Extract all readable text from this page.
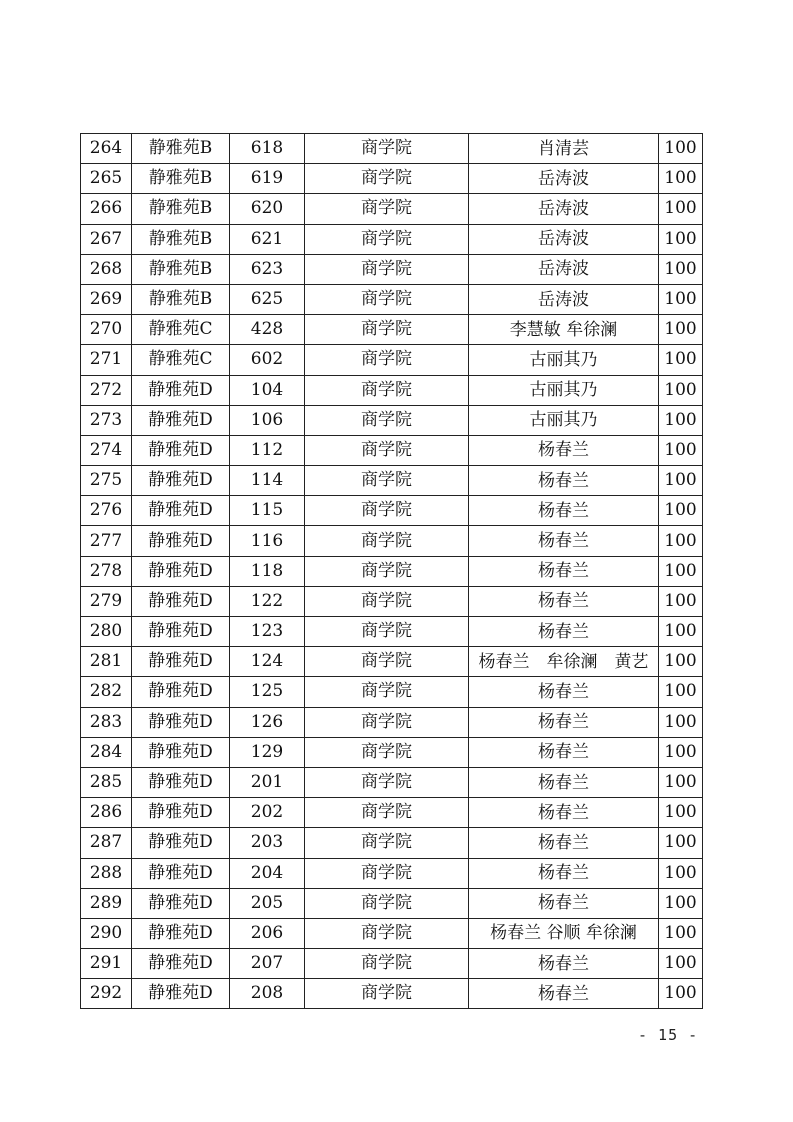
264	静雅苑B	618	商学院	肖清芸	100
265	静雅苑B	619	商学院	岳涛波	100
266	静雅苑B	620	商学院	岳涛波	100
267	静雅苑B	621	商学院	岳涛波	100
268	静雅苑B	623	商学院	岳涛波	100
269	静雅苑B	625	商学院	岳涛波	100
270	静雅苑C	428	商学院	李慧敏 牟徐澜	100
271	静雅苑C	602	商学院	古丽其乃	100
272	静雅苑D	104	商学院	古丽其乃	100
273	静雅苑D	106	商学院	古丽其乃	100
274	静雅苑D	112	商学院	杨春兰	100
275	静雅苑D	114	商学院	杨春兰	100
276	静雅苑D	115	商学院	杨春兰	100
277	静雅苑D	116	商学院	杨春兰	100
278	静雅苑D	118	商学院	杨春兰	100
279	静雅苑D	122	商学院	杨春兰	100
280	静雅苑D	123	商学院	杨春兰	100
281	静雅苑D	124	商学院	杨春兰　牟徐澜　黄艺	100
282	静雅苑D	125	商学院	杨春兰	100
283	静雅苑D	126	商学院	杨春兰	100
284	静雅苑D	129	商学院	杨春兰	100
285	静雅苑D	201	商学院	杨春兰	100
286	静雅苑D	202	商学院	杨春兰	100
287	静雅苑D	203	商学院	杨春兰	100
288	静雅苑D	204	商学院	杨春兰	100
289	静雅苑D	205	商学院	杨春兰	100
290	静雅苑D	206	商学院	杨春兰 谷顺 牟徐澜	100
291	静雅苑D	207	商学院	杨春兰	100
292	静雅苑D	208	商学院	杨春兰	100
- 15 -
